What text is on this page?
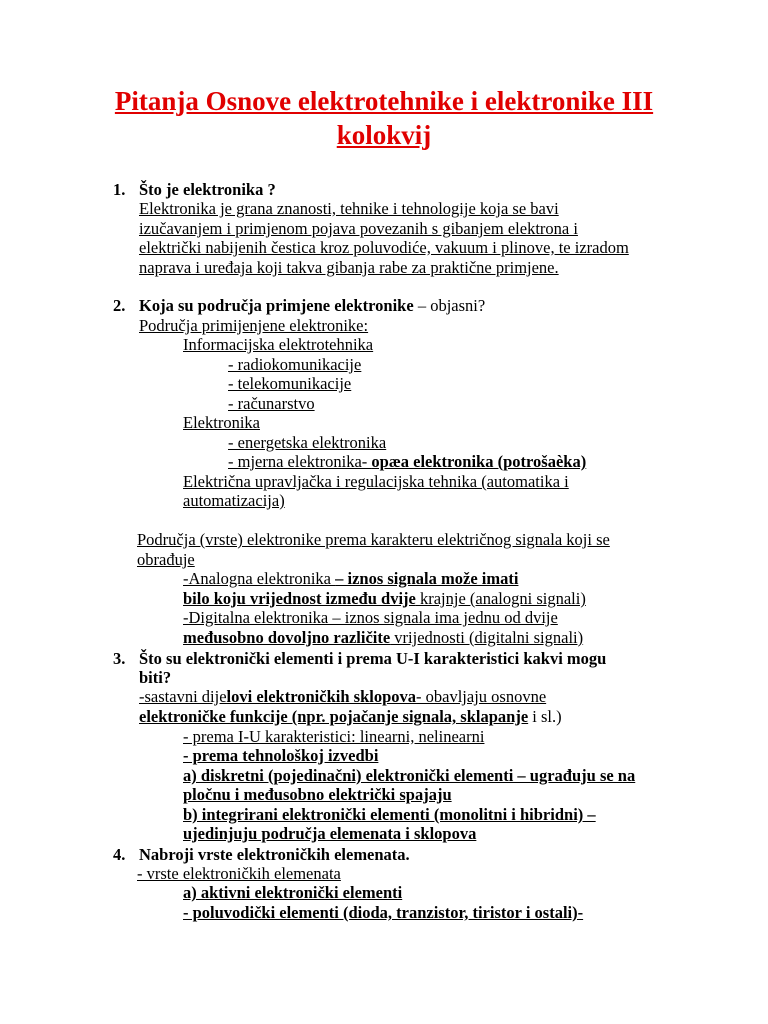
Pitanja Osnove elektrotehnike i elektronike III
kolokvij
1. Što je elektronika ?
Elektronika je grana znanosti, tehnike i tehnologije koja se bavi
izučavanjem i primjenom pojava povezanih s gibanjem elektrona i
električki nabijenih čestica kroz poluvodiće, vakuum i plinove, te izradom
naprava i uređaja koji takva gibanja rabe za praktične primjene.
2. Koja su područja primjene elektronike – objasni?
Područja primijenjene elektronike:
Informacijska elektrotehnika
- radiokomunikacije
- telekomunikacije
- računarstvo
Elektronika
- energetska elektronika
- mjerna elektronika- opæa elektronika (potrošaèka)
Električna upravljačka i regulacijska tehnika (automatika i
automatizacija)
Područja (vrste) elektronike prema karakteru električnog signala koji se
obrađuje
-Analogna elektronika – iznos signala može imati
bilo koju vrijednost između dvije krajnje (analogni signali)
-Digitalna elektronika – iznos signala ima jednu od dvije
međusobno dovoljno različite vrijednosti (digitalni signali)
3. Što su elektronički elementi i prema U-I karakteristici kakvi mogu
biti?
-sastavni dijelovi elektroničkih sklopova- obavljaju osnovne
elektroničke funkcije (npr. pojačanje signala, sklapanje i sl.)
- prema I-U karakteristici: linearni, nelinearni
- prema tehnološkoj izvedbi
a) diskretni (pojedinačni) elektronički elementi – ugrađuju se na
pločnu i međusobno električki spajaju
b) integrirani elektronički elementi (monolitni i hibridni) –
ujedinjuju područja elemenata i sklopova
4. Nabroji vrste elektroničkih elemenata.
- vrste elektroničkih elemenata
a) aktivni elektronički elementi
- poluvodički elementi (dioda, tranzistor, tiristor i ostali)-
